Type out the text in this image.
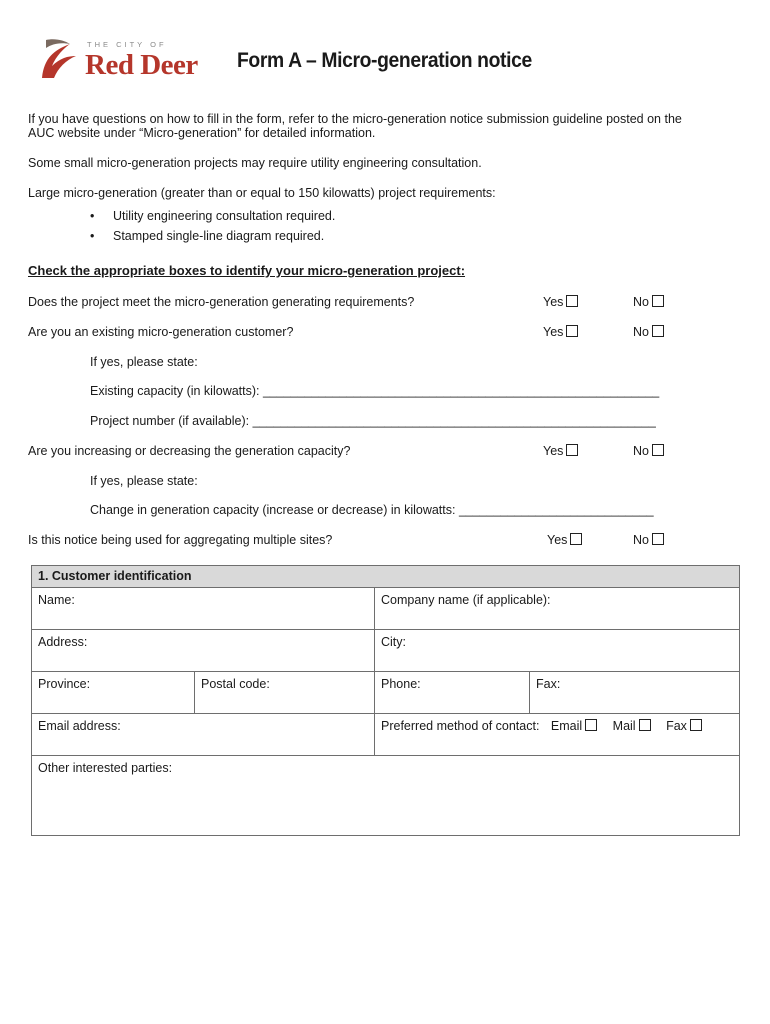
THE CITY OF
Red Deer Form A – Micro-generation notice
If you have questions on how to fill in the form, refer to the micro-generation notice submission guideline posted on the
AUC website under “Micro-generation” for detailed information.
Some small micro-generation projects may require utility engineering consultation.
Large micro-generation (greater than or equal to 150 kilowatts) project requirements:
• Utility engineering consultation required.
• Stamped single-line diagram required.
Check the appropriate boxes to identify your micro-generation project:
Does the project meet the micro-generation generating requirements?	Yes	No
Are you an existing micro-generation customer?	Yes	No
If yes, please state:
Existing capacity (in kilowatts): _________________________________________________________
Project number (if available): __________________________________________________________
Are you increasing or decreasing the generation capacity?	Yes	No
If yes, please state:
Change in generation capacity (increase or decrease) in kilowatts: ____________________________
Is this notice being used for aggregating multiple sites?	Yes	No
1. Customer identification			
Name:		Company name (if applicable):	
Address:		City:	
Province:	Postal code:	Phone:	Fax:
Email address:		Preferred method of contact: Email Mail Fax	
Other interested parties:			
